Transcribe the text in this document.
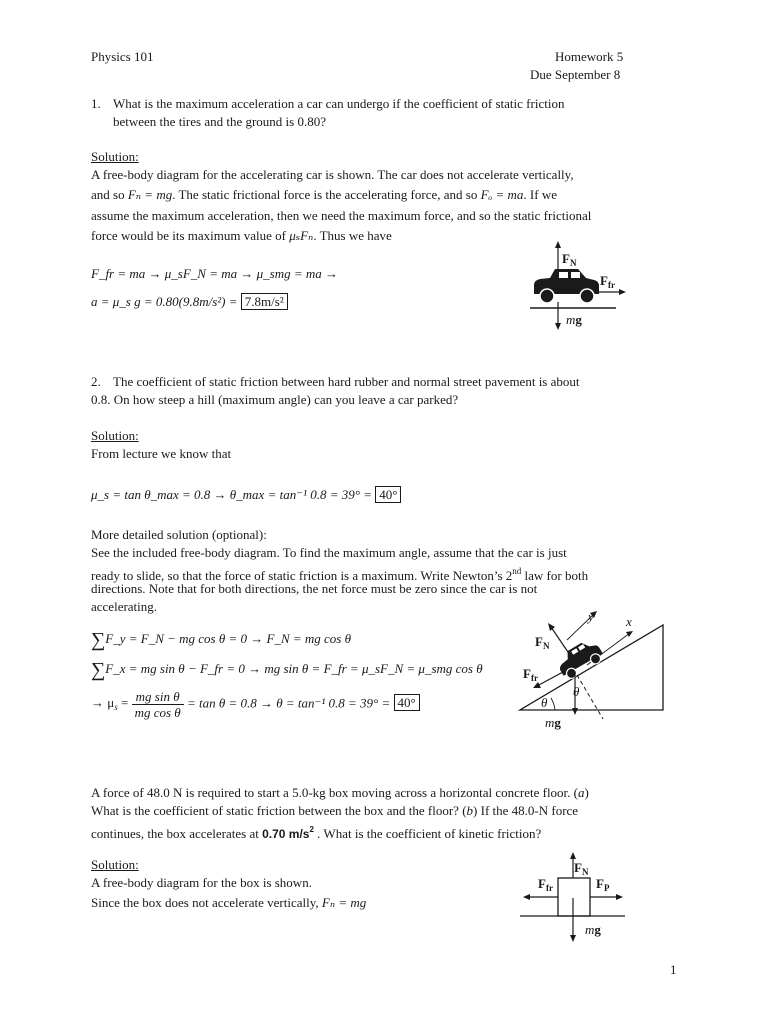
Physics 101	Homework 5
Due September 8
1. What is the maximum acceleration a car can undergo if the coefficient of static friction
between the tires and the ground is 0.80?
Solution:
A free-body diagram for the accelerating car is shown. The car does not accelerate vertically,
and so Fₙ = mg. The static frictional force is the accelerating force, and so Fₒ = ma. If we
assume the maximum acceleration, then we need the maximum force, and so the static frictional
force would be its maximum value of μₛFₙ. Thus we have
F_fr = ma → μ_sF_N = ma → μ_smg = ma →
a = μ_s g = 0.80(9.8m/s²) = 7.8m/s²
$F_N$
$F_{fr}$
mg
2. The coefficient of static friction between hard rubber and normal street pavement is about
0.8. On how steep a hill (maximum angle) can you leave a car parked?
Solution:
From lecture we know that
μ_s = tan θ_max = 0.8 → θ_max = tan⁻¹ 0.8 = 39° = 40°
More detailed solution (optional):
See the included free-body diagram. To find the maximum angle, assume that the car is just
ready to slide, so that the force of static friction is a maximum. Write Newton’s 2nd law for both
directions. Note that for both directions, the net force must be zero since the car is not
accelerating.
∑F_y = F_N − mg cos θ = 0 → F_N = mg cos θ
∑F_x = mg sin θ − F_fr = 0 → mg sin θ = F_fr = μ_sF_N = μ_smg cos θ
→ $\mu_s = \frac{\text{mg sin θ}}{\text{mg cos θ}} = \tan \theta = 0.8 \to \theta = \tan^{-1}$ 0.8 = 39° = 40°
y x
$F_N$
$F_{fr}$
θ
θ
mg
A force of 48.0 N is required to start a 5.0-kg box moving across a horizontal concrete floor. (a)
What is the coefficient of static friction between the box and the floor? (b) If the 48.0-N force
continues, the box accelerates at 0.70 $m/s^2$ . What is the coefficient of kinetic friction?
Solution:
A free-body diagram for the box is shown.
Since the box does not accelerate vertically, Fₙ = mg
$F_N$
$F_{fr}$	$F_P$
mg
1
